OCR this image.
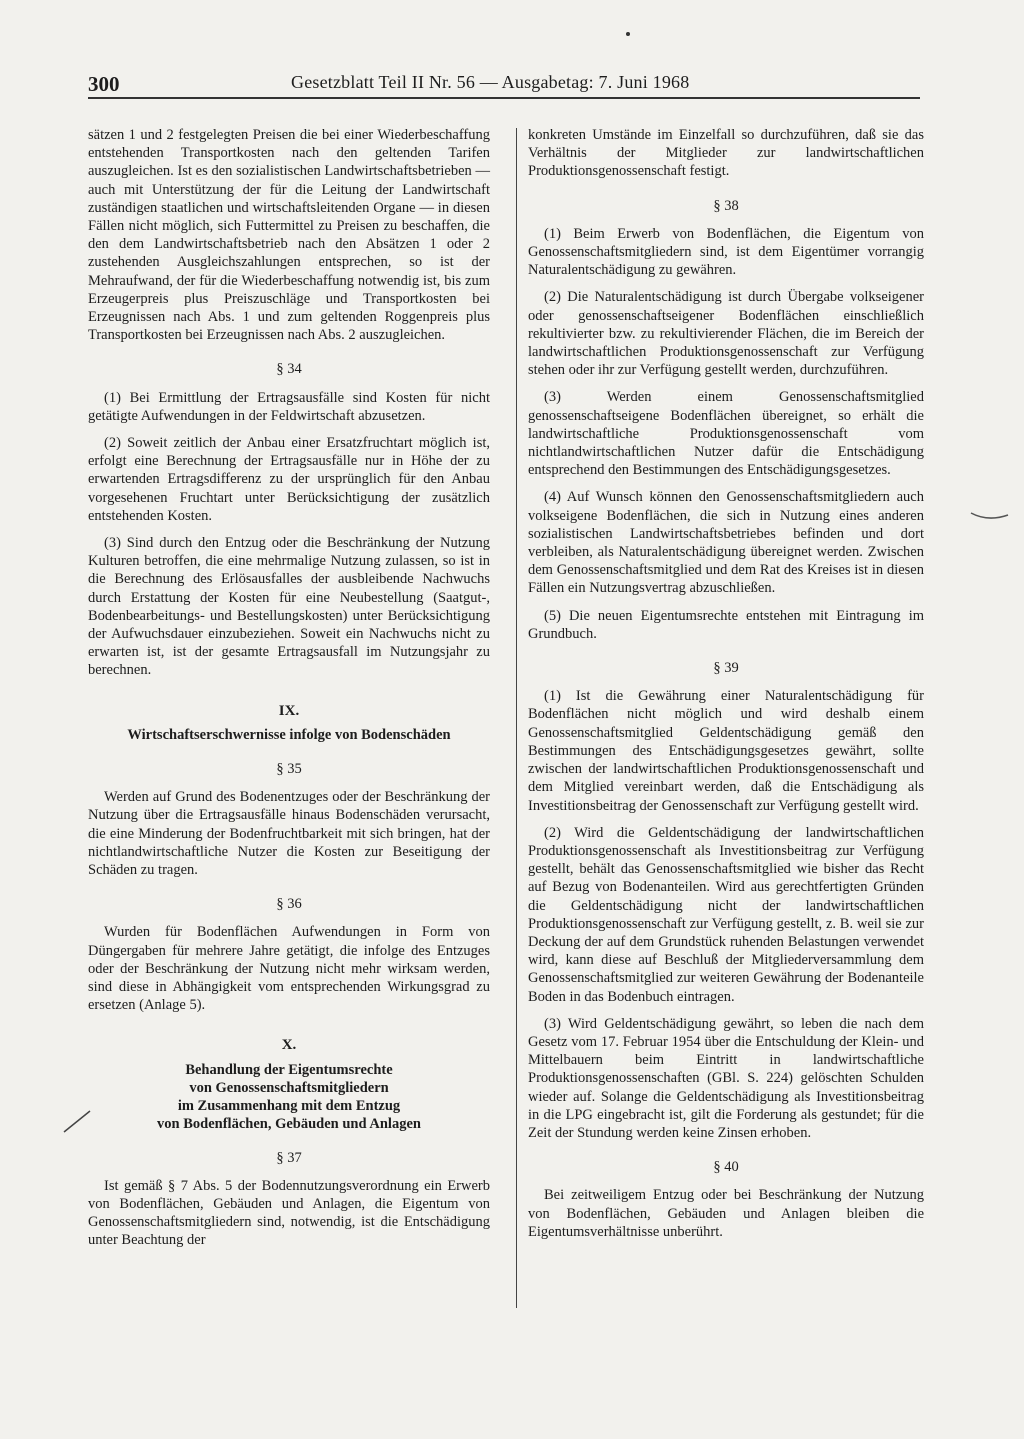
300	Gesetzblatt Teil II Nr. 56 — Ausgabetag: 7. Juni 1968

sätzen 1 und 2 festgelegten Preisen die bei einer Wiederbeschaffung entstehenden Transportkosten nach den geltenden Tarifen auszugleichen. Ist es den sozialistischen Landwirtschaftsbetrieben — auch mit Unterstützung der für die Leitung der Landwirtschaft zuständigen staatlichen und wirtschaftsleitenden Organe — in diesen Fällen nicht möglich, sich Futtermittel zu Preisen zu beschaffen, die den dem Landwirtschaftsbetrieb nach den Absätzen 1 oder 2 zustehenden Ausgleichszahlungen entsprechen, so ist der Mehraufwand, der für die Wiederbeschaffung notwendig ist, bis zum Erzeugerpreis plus Preiszuschläge und Transportkosten bei Erzeugnissen nach Abs. 1 und zum geltenden Roggenpreis plus Transportkosten bei Erzeugnissen nach Abs. 2 auszugleichen.

§ 34

(1) Bei Ermittlung der Ertragsausfälle sind Kosten für nicht getätigte Aufwendungen in der Feldwirtschaft abzusetzen.

(2) Soweit zeitlich der Anbau einer Ersatzfruchtart möglich ist, erfolgt eine Berechnung der Ertragsausfälle nur in Höhe der zu erwartenden Ertragsdifferenz zu der ursprünglich für den Anbau vorgesehenen Fruchtart unter Berücksichtigung der zusätzlich entstehenden Kosten.

(3) Sind durch den Entzug oder die Beschränkung der Nutzung Kulturen betroffen, die eine mehrmalige Nutzung zulassen, so ist in die Berechnung des Erlösausfalles der ausbleibende Nachwuchs durch Erstattung der Kosten für eine Neubestellung (Saatgut-, Bodenbearbeitungs- und Bestellungskosten) unter Berücksichtigung der Aufwuchsdauer einzubeziehen. Soweit ein Nachwuchs nicht zu erwarten ist, ist der gesamte Ertragsausfall im Nutzungsjahr zu berechnen.

IX.
Wirtschaftserschwernisse infolge von Bodenschäden
§ 35

Werden auf Grund des Bodenentzuges oder der Beschränkung der Nutzung über die Ertragsausfälle hinaus Bodenschäden verursacht, die eine Minderung der Bodenfruchtbarkeit mit sich bringen, hat der nichtlandwirtschaftliche Nutzer die Kosten zur Beseitigung der Schäden zu tragen.

§ 36

Wurden für Bodenflächen Aufwendungen in Form von Düngergaben für mehrere Jahre getätigt, die infolge des Entzuges oder der Beschränkung der Nutzung nicht mehr wirksam werden, sind diese in Abhängigkeit vom entsprechenden Wirkungsgrad zu ersetzen (Anlage 5).

X.
Behandlung der Eigentumsrechte
von Genossenschaftsmitgliedern
im Zusammenhang mit dem Entzug
von Bodenflächen, Gebäuden und Anlagen
§ 37

Ist gemäß § 7 Abs. 5 der Bodennutzungsverordnung ein Erwerb von Bodenflächen, Gebäuden und Anlagen, die Eigentum von Genossenschaftsmitgliedern sind, notwendig, ist die Entschädigung unter Beachtung der

konkreten Umstände im Einzelfall so durchzuführen, daß sie das Verhältnis der Mitglieder zur landwirtschaftlichen Produktionsgenossenschaft festigt.

§ 38

(1) Beim Erwerb von Bodenflächen, die Eigentum von Genossenschaftsmitgliedern sind, ist dem Eigentümer vorrangig Naturalentschädigung zu gewähren.

(2) Die Naturalentschädigung ist durch Übergabe volkseigener oder genossenschaftseigener Bodenflächen einschließlich rekultivierter bzw. zu rekultivierender Flächen, die im Bereich der landwirtschaftlichen Produktionsgenossenschaft zur Verfügung stehen oder ihr zur Verfügung gestellt werden, durchzuführen.

(3) Werden einem Genossenschaftsmitglied genossenschaftseigene Bodenflächen übereignet, so erhält die landwirtschaftliche Produktionsgenossenschaft vom nichtlandwirtschaftlichen Nutzer dafür die Entschädigung entsprechend den Bestimmungen des Entschädigungsgesetzes.

(4) Auf Wunsch können den Genossenschaftsmitgliedern auch volkseigene Bodenflächen, die sich in Nutzung eines anderen sozialistischen Landwirtschaftsbetriebes befinden und dort verbleiben, als Naturalentschädigung übereignet werden. Zwischen dem Genossenschaftsmitglied und dem Rat des Kreises ist in diesen Fällen ein Nutzungsvertrag abzuschließen.

(5) Die neuen Eigentumsrechte entstehen mit Eintragung im Grundbuch.

§ 39

(1) Ist die Gewährung einer Naturalentschädigung für Bodenflächen nicht möglich und wird deshalb einem Genossenschaftsmitglied Geldentschädigung gemäß den Bestimmungen des Entschädigungsgesetzes gewährt, sollte zwischen der landwirtschaftlichen Produktionsgenossenschaft und dem Mitglied vereinbart werden, daß die Entschädigung als Investitionsbeitrag der Genossenschaft zur Verfügung gestellt wird.

(2) Wird die Geldentschädigung der landwirtschaftlichen Produktionsgenossenschaft als Investitionsbeitrag zur Verfügung gestellt, behält das Genossenschaftsmitglied wie bisher das Recht auf Bezug von Bodenanteilen. Wird aus gerechtfertigten Gründen die Geldentschädigung nicht der landwirtschaftlichen Produktionsgenossenschaft zur Verfügung gestellt, z. B. weil sie zur Deckung der auf dem Grundstück ruhenden Belastungen verwendet wird, kann diese auf Beschluß der Mitgliederversammlung dem Genossenschaftsmitglied zur weiteren Gewährung der Bodenanteile Boden in das Bodenbuch eintragen.

(3) Wird Geldentschädigung gewährt, so leben die nach dem Gesetz vom 17. Februar 1954 über die Entschuldung der Klein- und Mittelbauern beim Eintritt in landwirtschaftliche Produktionsgenossenschaften (GBl. S. 224) gelöschten Schulden wieder auf. Solange die Geldentschädigung als Investitionsbeitrag in die LPG eingebracht ist, gilt die Forderung als gestundet; für die Zeit der Stundung werden keine Zinsen erhoben.

§ 40

Bei zeitweiligem Entzug oder bei Beschränkung der Nutzung von Bodenflächen, Gebäuden und Anlagen bleiben die Eigentumsverhältnisse unberührt.
